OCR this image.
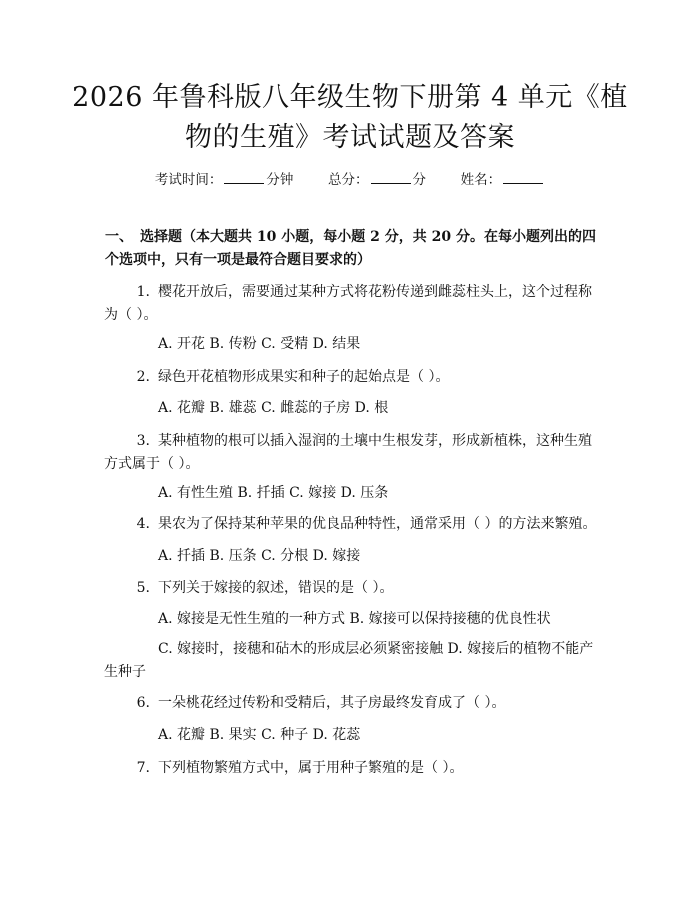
2026 年鲁科版八年级生物下册第 4 单元《植物的生殖》考试试题及答案
考试时间：	分钟	总分：	分	姓名：
一、　选择题（本大题共 10 小题，每小题 2 分，共 20 分。在每小题列出的四个选项中，只有一项是最符合题目要求的）
1. 樱花开放后，需要通过某种方式将花粉传递到雌蕊柱头上，这个过程称为（ ）。
A. 开花 B. 传粉 C. 受精 D. 结果
2. 绿色开花植物形成果实和种子的起始点是（ ）。
A. 花瓣 B. 雄蕊 C. 雌蕊的子房 D. 根
3. 某种植物的根可以插入湿润的土壤中生根发芽，形成新植株，这种生殖方式属于（ ）。
A. 有性生殖 B. 扦插 C. 嫁接 D. 压条
4. 果农为了保持某种苹果的优良品种特性，通常采用（ ）的方法来繁殖。
A. 扦插 B. 压条 C. 分根 D. 嫁接
5. 下列关于嫁接的叙述，错误的是（ ）。
A. 嫁接是无性生殖的一种方式 B. 嫁接可以保持接穗的优良性状
C. 嫁接时，接穗和砧木的形成层必须紧密接触 D. 嫁接后的植物不能产生种子
6. 一朵桃花经过传粉和受精后，其子房最终发育成了（ ）。
A. 花瓣 B. 果实 C. 种子 D. 花蕊
7. 下列植物繁殖方式中，属于用种子繁殖的是（ ）。
